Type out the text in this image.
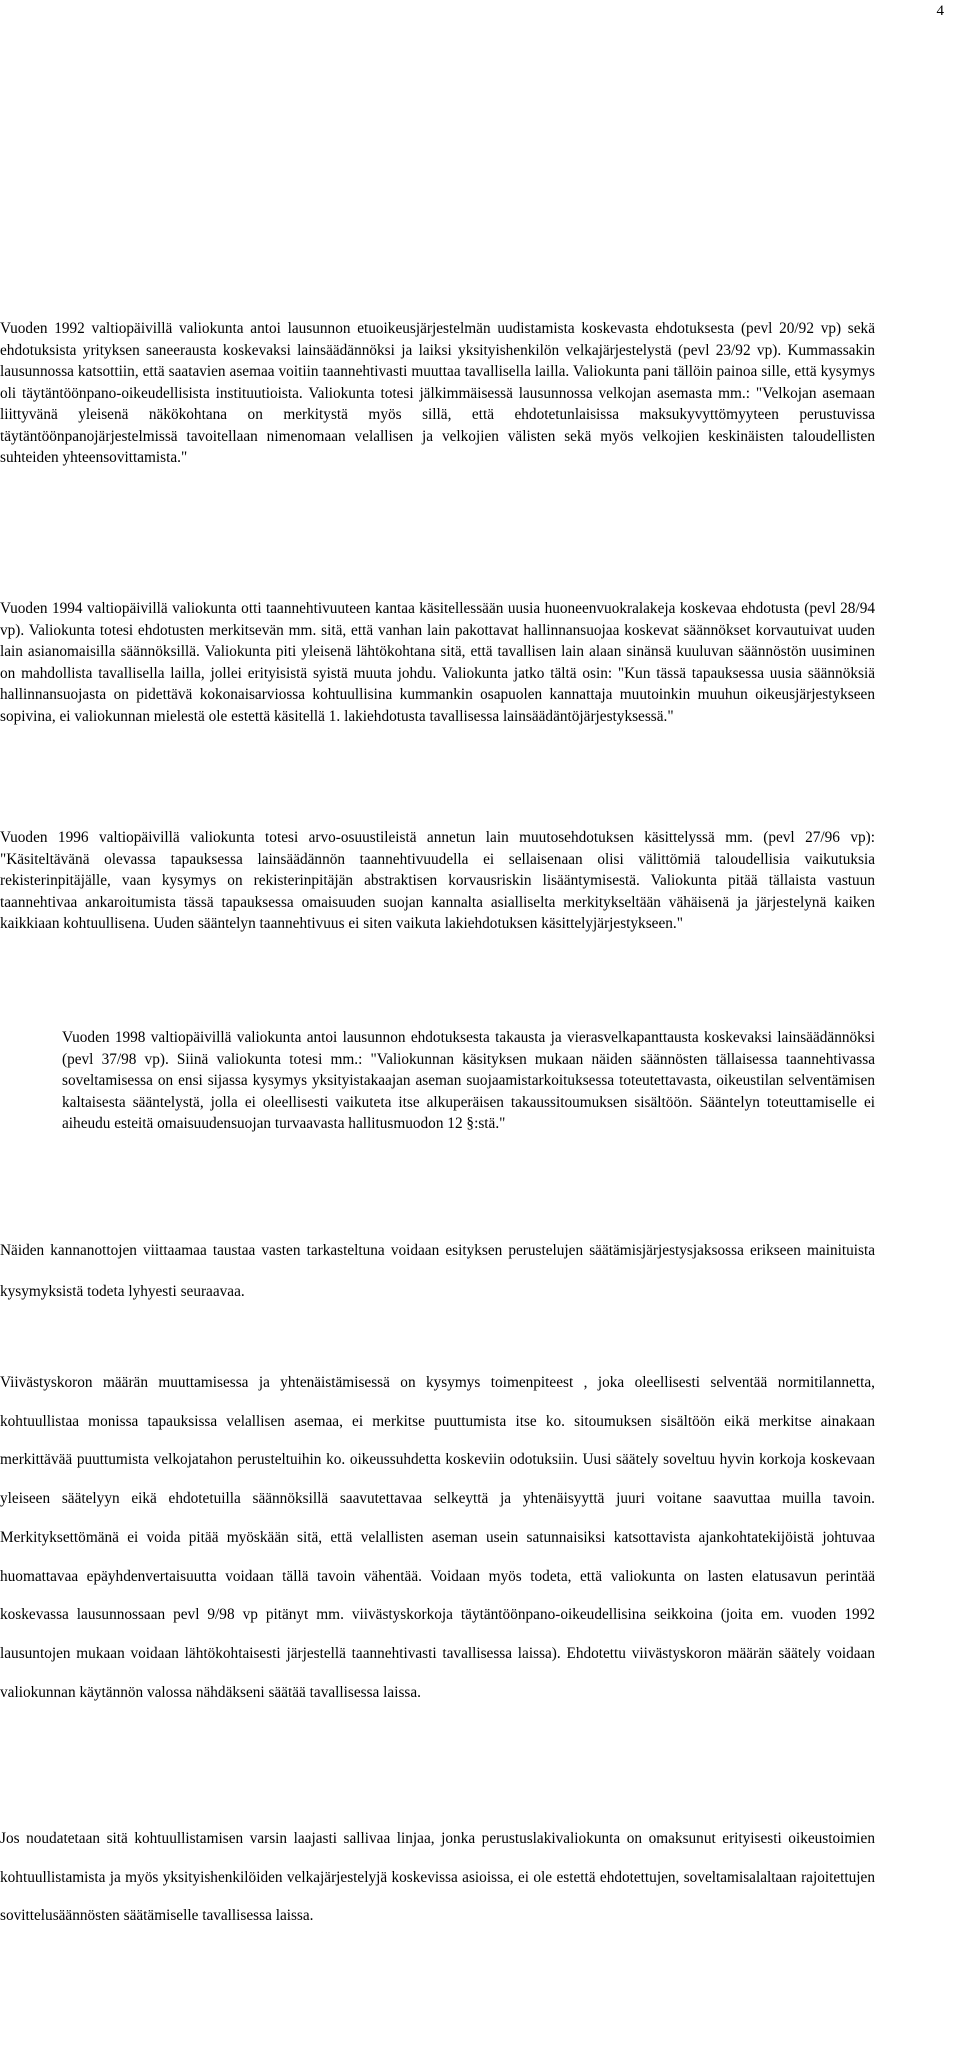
4

Vuoden 1992 valtiopäivillä valiokunta antoi lausunnon etuoikeusjärjestelmän uudistamista koskevasta ehdotuksesta (pevl 20/92 vp) sekä ehdotuksista yrityksen saneerausta koskevaksi lainsäädännöksi ja laiksi yksityishenkilön velkajärjestelystä (pevl 23/92 vp). Kummassakin lausunnossa katsottiin, että saatavien asemaa voitiin taannehtivasti muuttaa tavallisella lailla. Valiokunta pani tällöin painoa sille, että kysymys oli täytäntöönpano-oikeudellisista instituutioista. Valiokunta totesi jälkimmäisessä lausunnossa velkojan asemasta mm.: "Velkojan asemaan liittyvänä yleisenä näkökohtana on merkitystä myös sillä, että ehdotetunlaisissa maksukyvyttömyyteen perustuvissa täytäntöönpanojärjestelmissä tavoitellaan nimenomaan velallisen ja velkojien välisten sekä myös velkojien keskinäisten taloudellisten suhteiden yhteensovittamista."

Vuoden 1994 valtiopäivillä valiokunta otti taannehtivuuteen kantaa käsitellessään uusia huoneenvuokralakeja koskevaa ehdotusta (pevl 28/94 vp). Valiokunta totesi ehdotusten merkitsevän mm. sitä, että vanhan lain pakottavat hallinnansuojaa koskevat säännökset korvautuivat uuden lain asianomaisilla säännöksillä. Valiokunta piti yleisenä lähtökohtana sitä, että tavallisen lain alaan sinänsä kuuluvan säännöstön uusiminen on mahdollista tavallisella lailla, jollei erityisistä syistä muuta johdu. Valiokunta jatko tältä osin: "Kun tässä tapauksessa uusia säännöksiä hallinnansuojasta on pidettävä kokonaisarviossa kohtuullisina kummankin osapuolen kannattaja muutoinkin muuhun oikeusjärjestykseen sopivina, ei valiokunnan mielestä ole estettä käsitellä 1. lakiehdotusta tavallisessa lainsäädäntöjärjestyksessä."

Vuoden 1996 valtiopäivillä valiokunta totesi arvo-osuustileistä annetun lain muutosehdotuksen käsittelyssä mm. (pevl 27/96 vp): "Käsiteltävänä olevassa tapauksessa lainsäädännön taannehtivuudella ei sellaisenaan olisi välittömiä taloudellisia vaikutuksia rekisterinpitäjälle, vaan kysymys on rekisterinpitäjän abstraktisen korvausriskin lisääntymisestä. Valiokunta pitää tällaista vastuun taannehtivaa ankaroitumista tässä tapauksessa omaisuuden suojan kannalta asialliselta merkitykseltään vähäisenä ja järjestelynä kaiken kaikkiaan kohtuullisena. Uuden sääntelyn taannehtivuus ei siten vaikuta lakiehdotuksen käsittelyjärjestykseen."

Vuoden 1998 valtiopäivillä valiokunta antoi lausunnon ehdotuksesta takausta ja vierasvelkapanttausta koskevaksi lainsäädännöksi (pevl 37/98 vp). Siinä valiokunta totesi mm.: "Valiokunnan käsityksen mukaan näiden säännösten tällaisessa taannehtivassa soveltamisessa on ensi sijassa kysymys yksityistakaajan aseman suojaamistarkoituksessa toteutettavasta, oikeustilan selventämisen kaltaisesta sääntelystä, jolla ei oleellisesti vaikuteta itse alkuperäisen takaussitoumuksen sisältöön. Sääntelyn toteuttamiselle ei aiheudu esteitä omaisuudensuojan turvaavasta hallitusmuodon 12 §:stä."

Näiden kannanottojen viittaamaa taustaa vasten tarkasteltuna voidaan esityksen perustelujen säätämisjärjestysjaksossa erikseen mainituista kysymyksistä todeta lyhyesti seuraavaa.

Viivästyskoron määrän muuttamisessa ja yhtenäistämisessä on kysymys toimenpiteest , joka oleellisesti selventää normitilannetta, kohtuullistaa monissa tapauksissa velallisen asemaa, ei merkitse puuttumista itse ko. sitoumuksen sisältöön eikä merkitse ainakaan merkittävää puuttumista velkojatahon perusteltuihin ko. oikeussuhdetta koskeviin odotuksiin. Uusi säätely soveltuu hyvin korkoja koskevaan yleiseen säätelyyn eikä ehdotetuilla säännöksillä saavutettavaa selkeyttä ja yhtenäisyyttä juuri voitane saavuttaa muilla tavoin. Merkityksettömänä ei voida pitää myöskään sitä, että velallisten aseman usein satunnaisiksi katsottavista ajankohtatekijöistä johtuvaa huomattavaa epäyhdenvertaisuutta voidaan tällä tavoin vähentää. Voidaan myös todeta, että valiokunta on lasten elatusavun perintää koskevassa lausunnossaan pevl 9/98 vp pitänyt mm. viivästyskorkoja täytäntöönpano-oikeudellisina seikkoina (joita em. vuoden 1992 lausuntojen mukaan voidaan lähtökohtaisesti järjestellä taannehtivasti tavallisessa laissa). Ehdotettu viivästyskoron määrän säätely voidaan valiokunnan käytännön valossa nähdäkseni säätää tavallisessa laissa.

Jos noudatetaan sitä kohtuullistamisen varsin laajasti sallivaa linjaa, jonka perustuslakivaliokunta on omaksunut erityisesti oikeustoimien kohtuullistamista ja myös yksityishenkilöiden velkajärjestelyjä koskevissa asioissa, ei ole estettä ehdotettujen, soveltamisalaltaan rajoitettujen sovittelusäännösten säätämiselle tavallisessa laissa.
